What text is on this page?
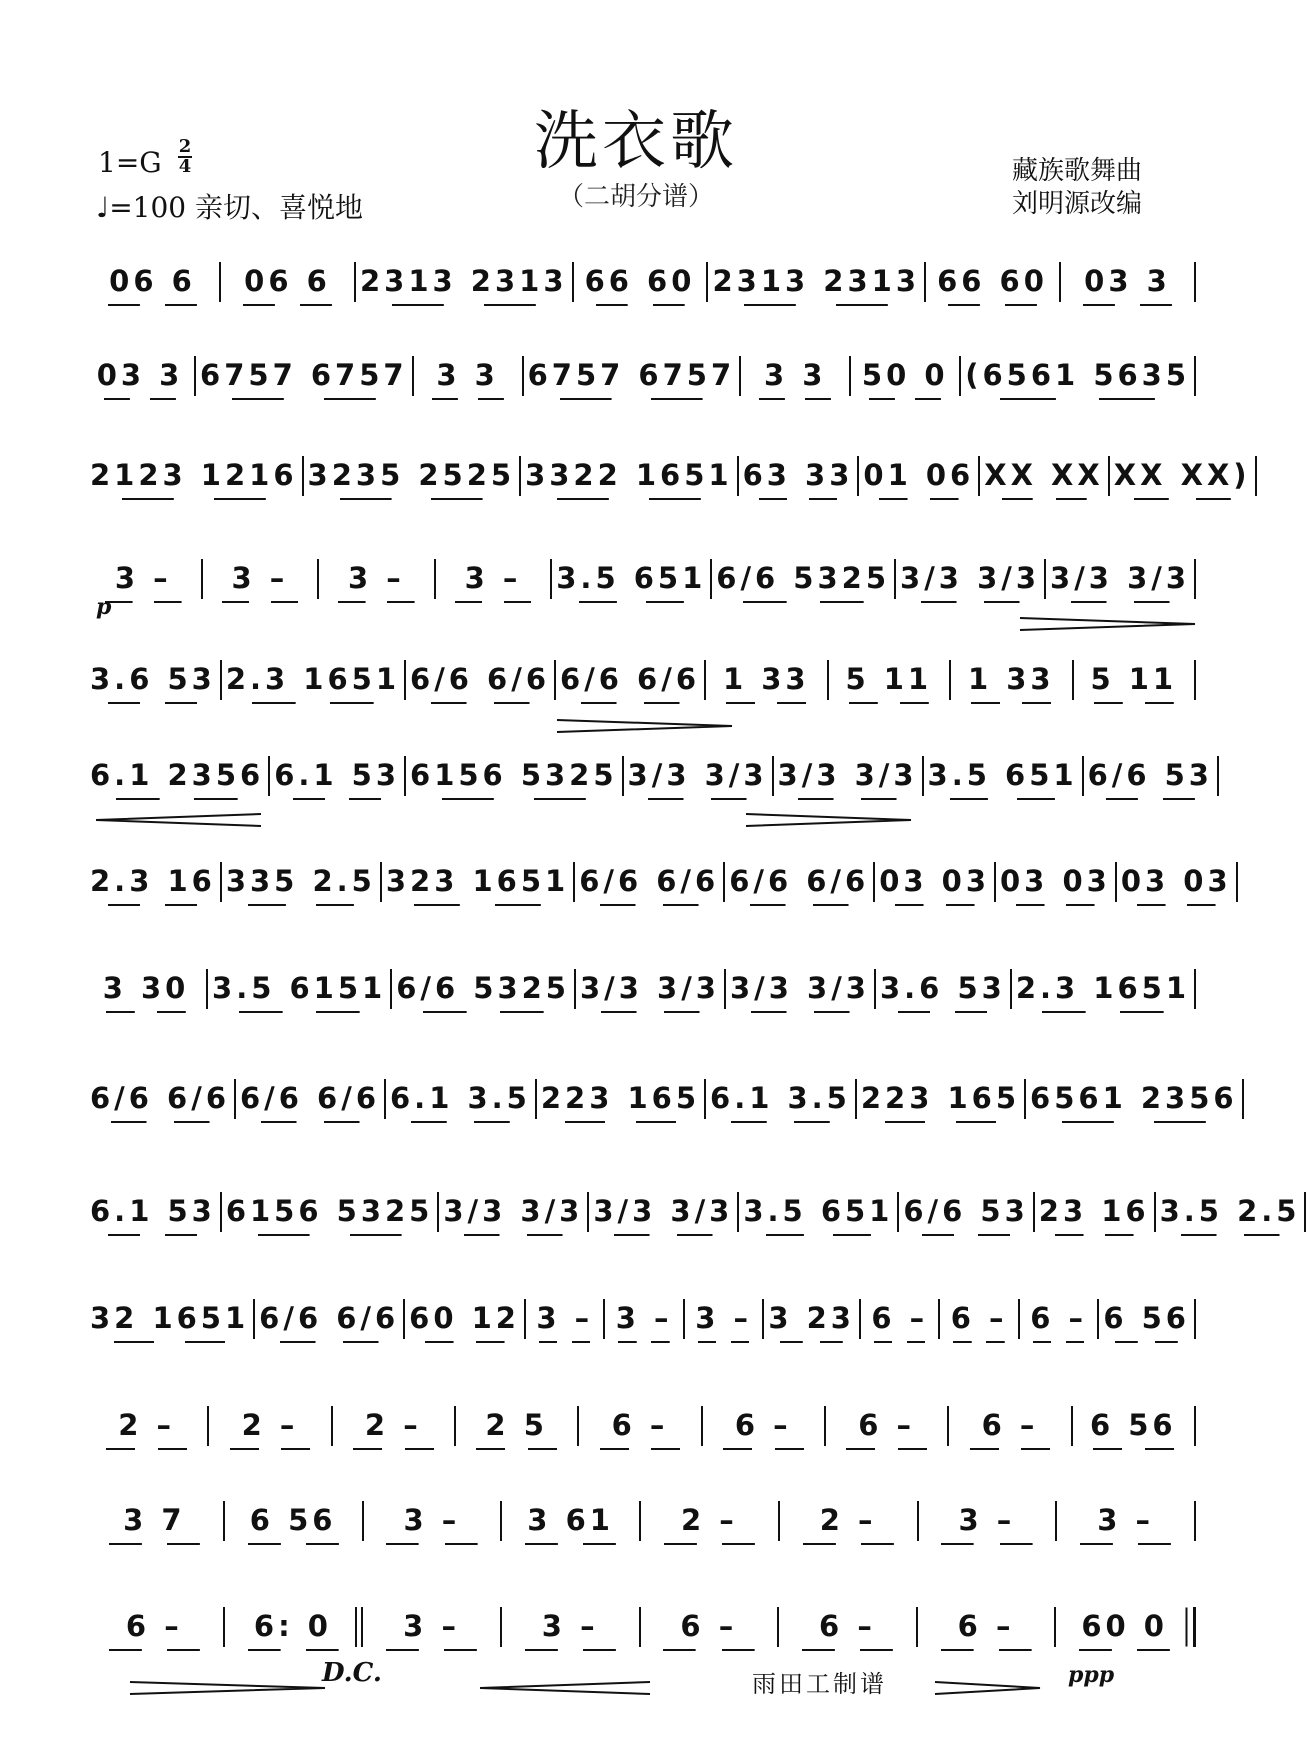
洗衣歌
（二胡分谱）
1=G 2
4
♩=100 亲切、喜悦地
藏族歌舞曲
刘明源改编
06 6	06 6	2313 2313 66 60 2313 2313 66 60	03 3
03 3 6757 6757 3 3 6757 6757 3 3	50 0 (6561 5635
2123 1216 3235 2525 3322 1651 63 33 01 06 XX XX XX XX)
3 –	3 –	3 –	3 –	3.5 651 6/6 5325 3/3 3/3 3/3 3/3
3.6 53 2.3 1651 6/6 6/6 6/6 6/6 1 33	5 11	1 33	5 11
6.1 2356 6.1 53 6156 5325 3/3 3/3 3/3 3/3 3.5 651 6/6 53
2.3 16 335 2.5 323 1651 6/6 6/6 6/6 6/6 03 03 03 03 03 03
3 30 3.5 6151 6/6 5325 3/3 3/3 3/3 3/3 3.6 53 2.3 1651
6/6 6/6 6/6 6/6 6.1 3.5 223 165 6.1 3.5 223 165 6561 2356
6.1 53 6156 5325 3/3 3/3 3/3 3/3 3.5 651 6/6 53 23 16 3.5 2.5
32 1651 6/6 6/6 60 12 3 – 3 – 3 – 3 23 6 – 6 – 6 – 6 56
2 –	2 –	2 –	2 5	6 –	6 –	6 –	6 –	6 56
3 7	6 56	3 –	3 61	2 –	2 –	3 –	3 –
6 –	6: 0	3 –	3 –	6 –	6 –	6 –	60 0
p
D.C.	ppp
雨田工制谱
